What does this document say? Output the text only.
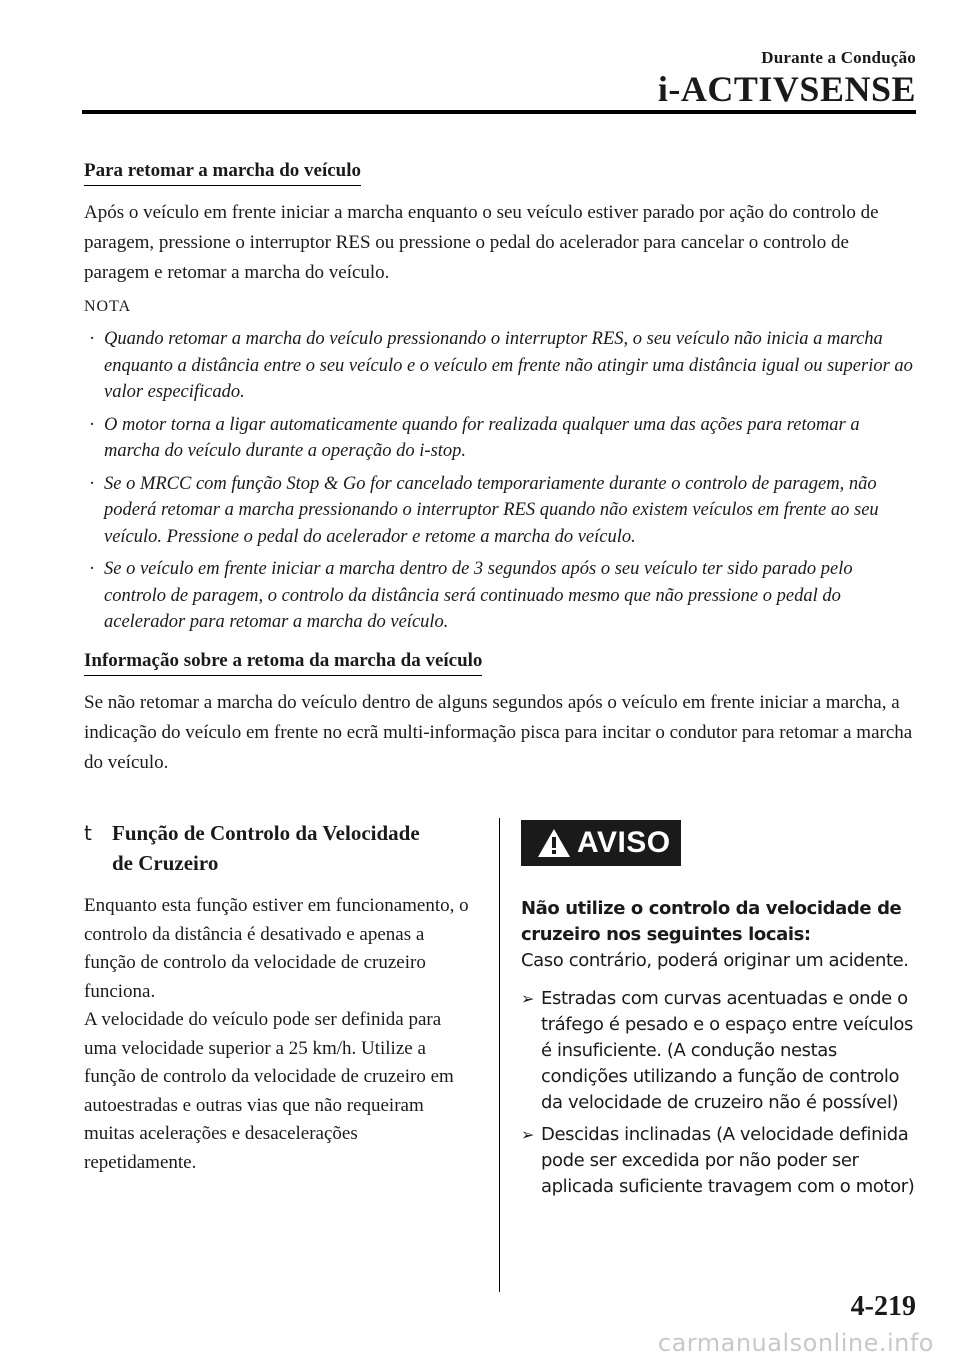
Durante a Condução
i-ACTIVSENSE
Para retomar a marcha do veículo

Após o veículo em frente iniciar a marcha enquanto o seu veículo estiver parado por ação do controlo de paragem, pressione o interruptor RES ou pressione o pedal do acelerador para cancelar o controlo de paragem e retomar a marcha do veículo.

NOTA
· Quando retomar a marcha do veículo pressionando o interruptor RES, o seu veículo não inicia a marcha enquanto a distância entre o seu veículo e o veículo em frente não atingir uma distância igual ou superior ao valor especificado.
· O motor torna a ligar automaticamente quando for realizada qualquer uma das ações para retomar a marcha do veículo durante a operação do i-stop.
· Se o MRCC com função Stop & Go for cancelado temporariamente durante o controlo de paragem, não poderá retomar a marcha pressionando o interruptor RES quando não existem veículos em frente ao seu veículo. Pressione o pedal do acelerador e retome a marcha do veículo.
· Se o veículo em frente iniciar a marcha dentro de 3 segundos após o seu veículo ter sido parado pelo controlo de paragem, o controlo da distância será continuado mesmo que não pressione o pedal do acelerador para retomar a marcha do veículo.
Informação sobre a retoma da marcha da veículo

Se não retomar a marcha do veículo dentro de alguns segundos após o veículo em frente iniciar a marcha, a indicação do veículo em frente no ecrã multi-informação pisca para incitar o condutor para retomar a marcha do veículo.

t Função de Controlo da Velocidade
de Cruzeiro

Enquanto esta função estiver em funcionamento, o controlo da distância é desativado e apenas a função de controlo da velocidade de cruzeiro funciona.

A velocidade do veículo pode ser definida para uma velocidade superior a 25 km/h. Utilize a função de controlo da velocidade de cruzeiro em autoestradas e outras vias que não requeiram muitas acelerações e desacelerações repetidamente.

AVISO
Não utilize o controlo da velocidade de cruzeiro nos seguintes locais:
Caso contrário, poderá originar um acidente.
➢ Estradas com curvas acentuadas e onde o tráfego é pesado e o espaço entre veículos é insuficiente. (A condução nestas condições utilizando a função de controlo da velocidade de cruzeiro não é possível)
➢ Descidas inclinadas (A velocidade definida pode ser excedida por não poder ser aplicada suficiente travagem com o motor)
4-219
carmanualsonline.info
